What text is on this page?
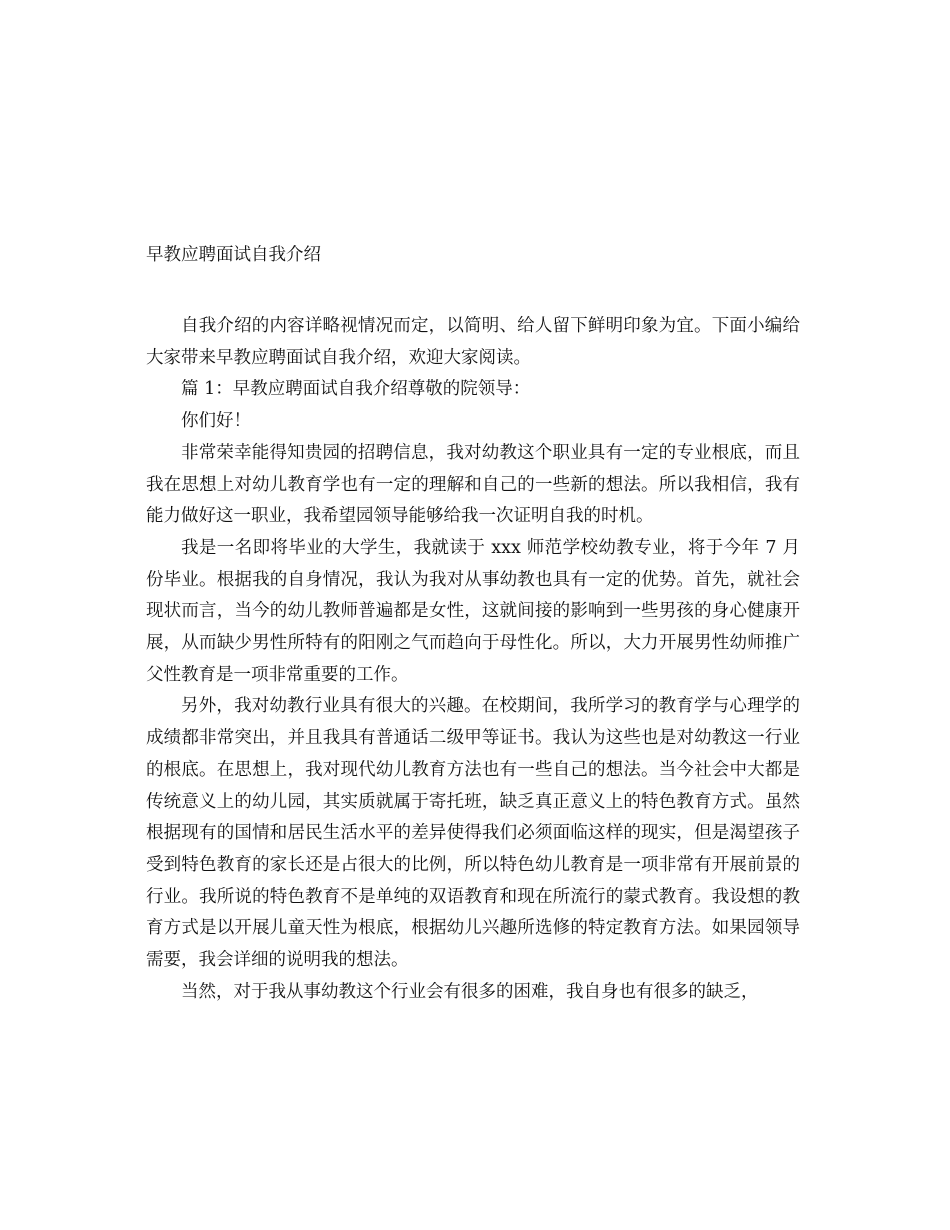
早教应聘面试自我介绍

自我介绍的内容详略视情况而定，以简明、给人留下鲜明印象为宜。下面小编给大家带来早教应聘面试自我介绍，欢迎大家阅读。

篇 1：早教应聘面试自我介绍尊敬的院领导：

你们好！

非常荣幸能得知贵园的招聘信息，我对幼教这个职业具有一定的专业根底，而且我在思想上对幼儿教育学也有一定的理解和自己的一些新的想法。所以我相信，我有能力做好这一职业，我希望园领导能够给我一次证明自我的时机。

我是一名即将毕业的大学生，我就读于 xxx 师范学校幼教专业，将于今年 7 月份毕业。根据我的自身情况，我认为我对从事幼教也具有一定的优势。首先，就社会现状而言，当今的幼儿教师普遍都是女性，这就间接的影响到一些男孩的身心健康开展，从而缺少男性所特有的阳刚之气而趋向于母性化。所以，大力开展男性幼师推广父性教育是一项非常重要的工作。

另外，我对幼教行业具有很大的兴趣。在校期间，我所学习的教育学与心理学的成绩都非常突出，并且我具有普通话二级甲等证书。我认为这些也是对幼教这一行业的根底。在思想上，我对现代幼儿教育方法也有一些自己的想法。当今社会中大都是传统意义上的幼儿园，其实质就属于寄托班，缺乏真正意义上的特色教育方式。虽然根据现有的国情和居民生活水平的差异使得我们必须面临这样的现实，但是渴望孩子受到特色教育的家长还是占很大的比例，所以特色幼儿教育是一项非常有开展前景的行业。我所说的特色教育不是单纯的双语教育和现在所流行的蒙式教育。我设想的教育方式是以开展儿童天性为根底，根据幼儿兴趣所选修的特定教育方法。如果园领导需要，我会详细的说明我的想法。

当然，对于我从事幼教这个行业会有很多的困难，我自身也有很多的缺乏，
